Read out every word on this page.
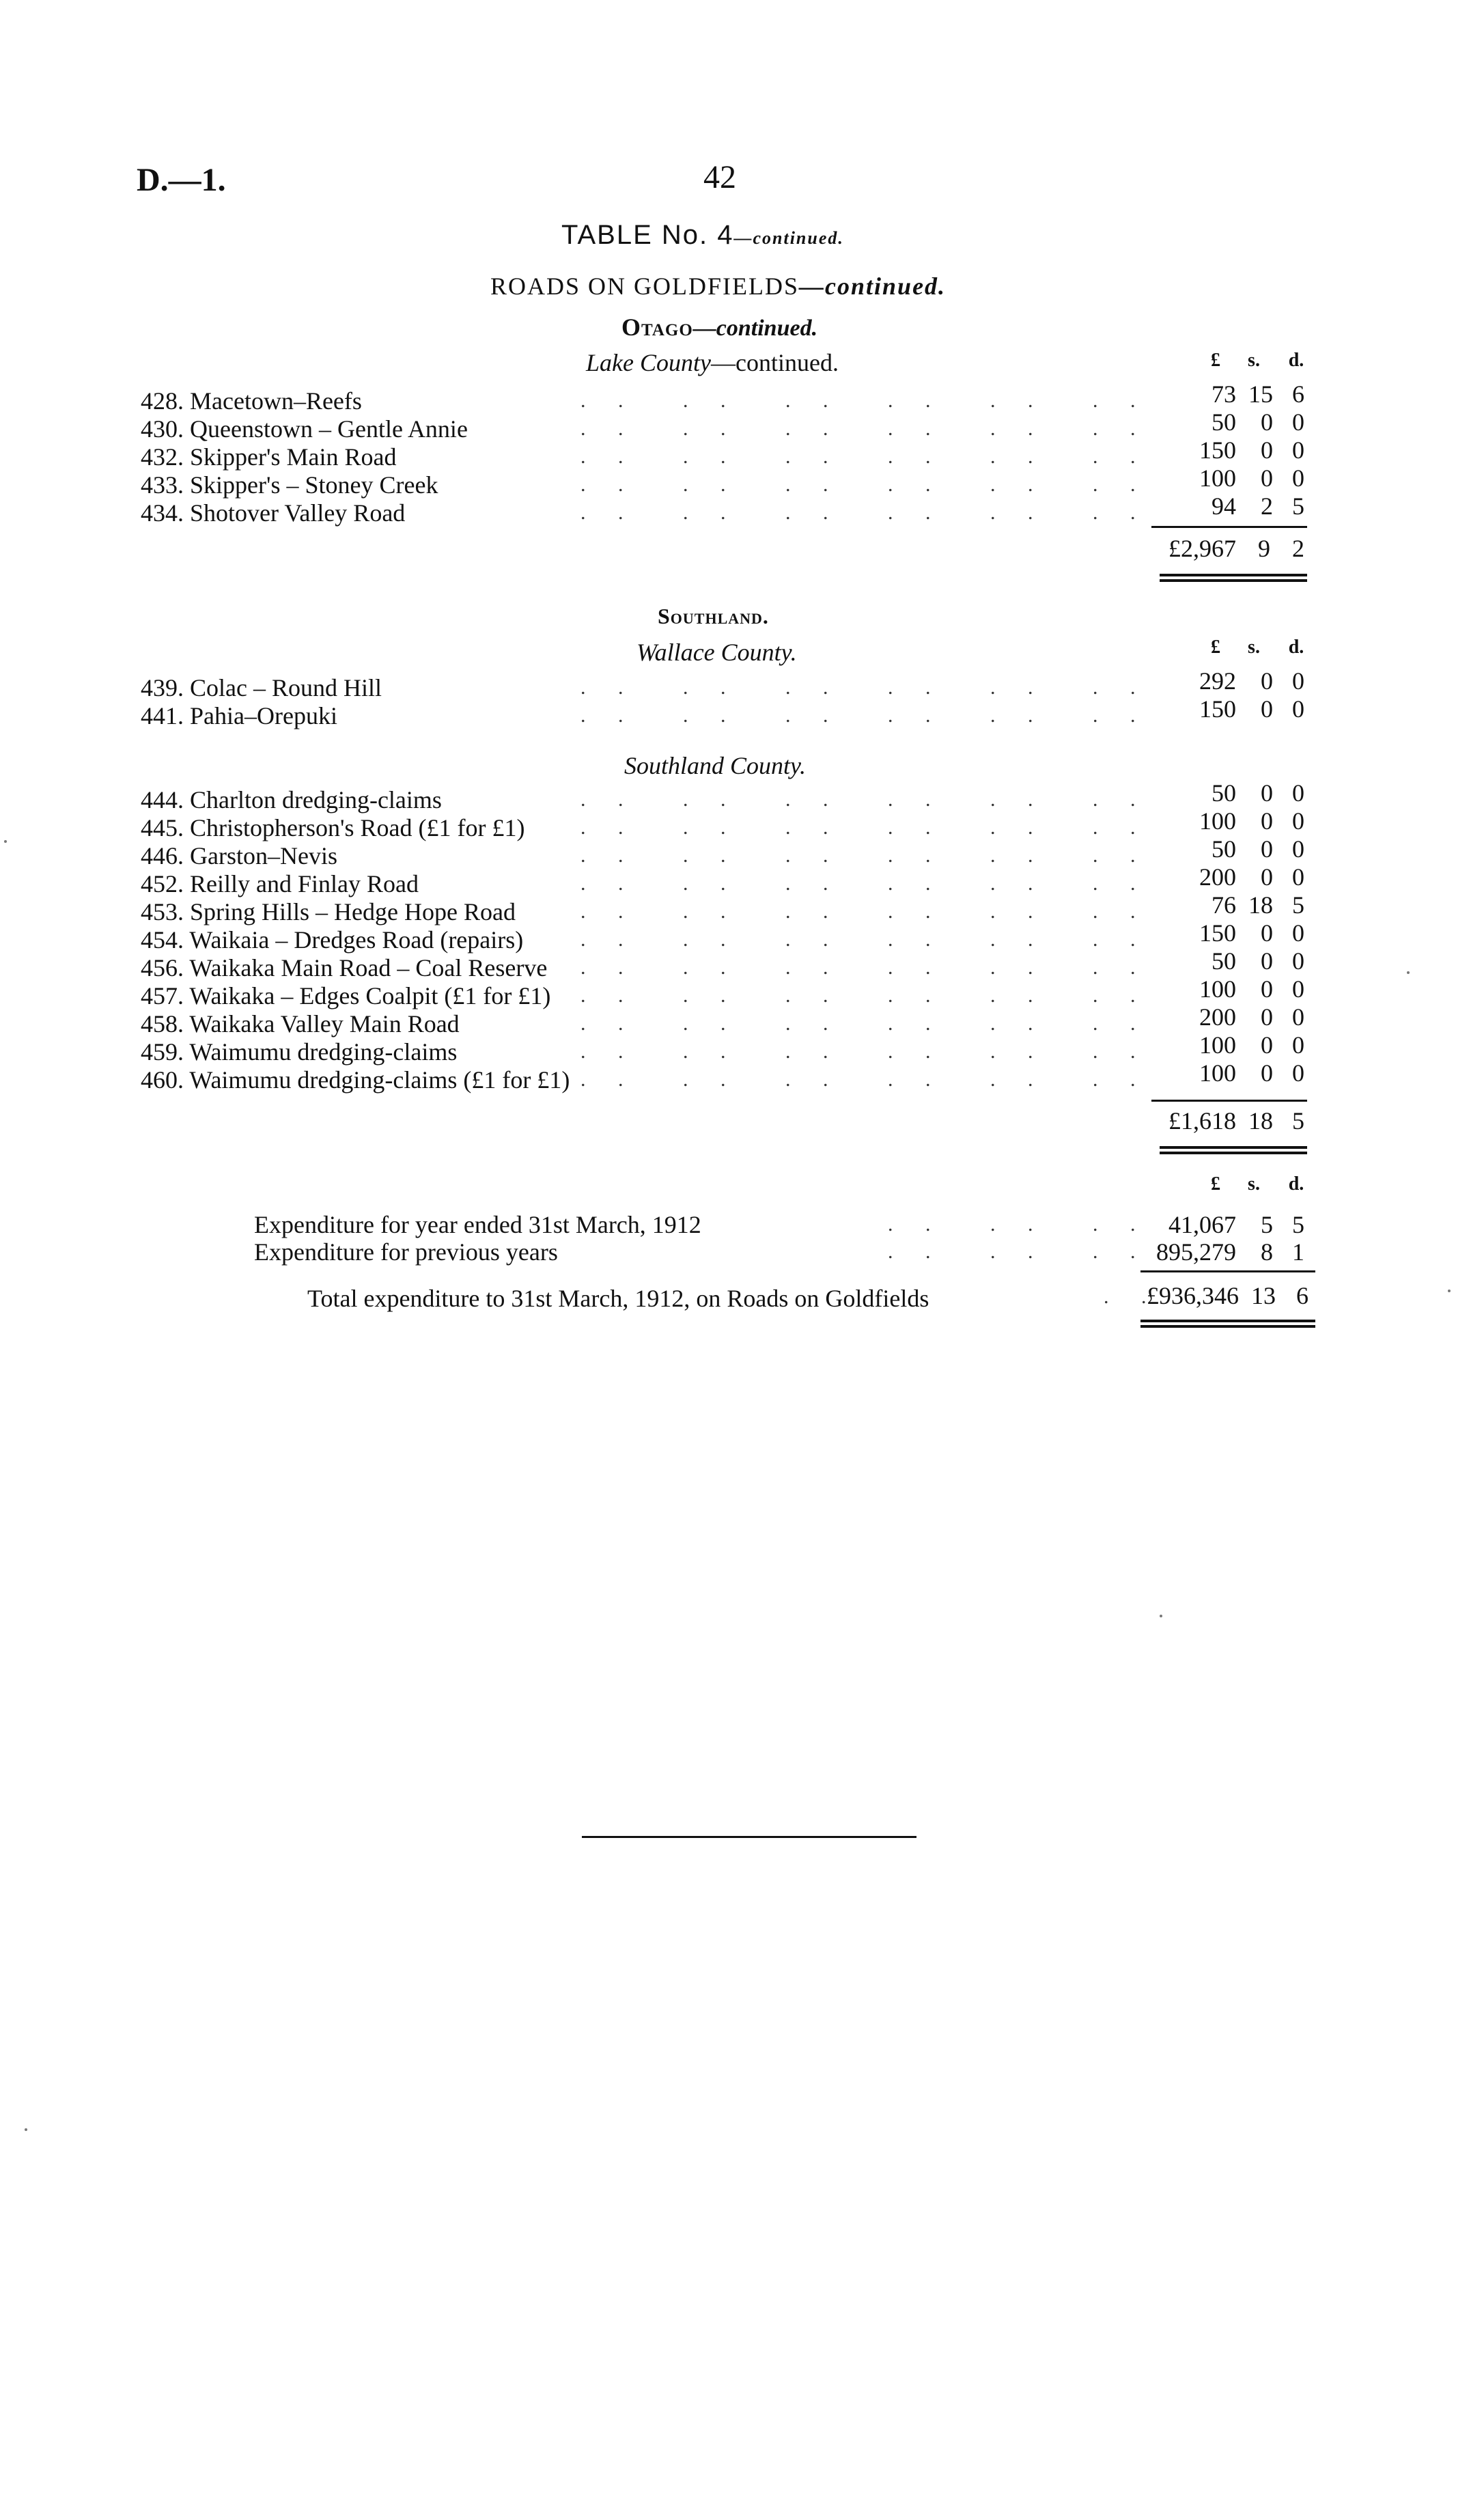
D.—1.	42
TABLE No. 4—continued.
ROADS ON GOLDFIELDS—continued.
Otago—continued.
Lake County—continued.	£	s.	d.
428. Macetown–Reefs	. . . . . . . . . . . .	73 15 6
430. Queenstown – Gentle Annie	. . . . . . . . . . . .	50	0 0
432. Skipper's Main Road	. . . . . . . . . . . .	150	0 0
433. Skipper's – Stoney Creek	. . . . . . . . . . . .	100	0 0
434. Shotover Valley Road	. . . . . . . . . . . .	94	2 5
£2,967 9 2
Southland.
Wallace County.	£	s.	d.
439. Colac – Round Hill	. . . . . . . . . . . .	292	0 0
441. Pahia–Orepuki	. . . . . . . . . . . .	150	0 0
Southland County.
444. Charlton dredging-claims	. . . . . . . . . . . .	50	0 0
445. Christopherson's Road (£1 for £1)	. . . . . . . . . . . .	100	0 0
446. Garston–Nevis	. . . . . . . . . . . .	50	0 0
452. Reilly and Finlay Road	. . . . . . . . . . . .	200	0 0
453. Spring Hills – Hedge Hope Road	. . . . . . . . . . . .	76 18 5
454. Waikaia – Dredges Road (repairs)	. . . . . . . . . . . .	150	0 0
456. Waikaka Main Road – Coal Reserve . . . . . . . . . . . .	50	0 0
457. Waikaka – Edges Coalpit (£1 for £1) . . . . . . . . . . . .	100	0 0
458. Waikaka Valley Main Road	. . . . . . . . . . . .	200	0 0
459. Waimumu dredging-claims	. . . . . . . . . . . .	100	0 0
460. Waimumu dredging-claims (£1 for £1) . . . . . . . . . . . .	100	0 0
£1,618 18 5
£	s.	d.
Expenditure for year ended 31st March, 1912	. . . . . . 41,067	5 5
Expenditure for previous years	. . . . . . 895,279	8 1
Total expenditure to 31st March, 1912, on Roads on Goldfields	. .
£936,346 13 6
